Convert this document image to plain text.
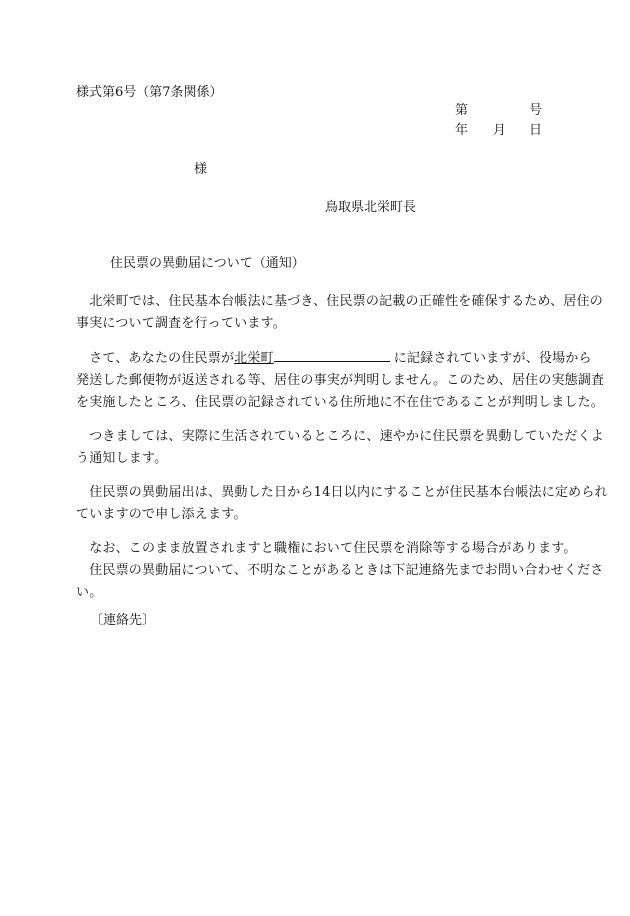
様式第6号（第7条関係）
第	号
年 月 日
様
鳥取県北栄町長
住民票の異動届について（通知）
　北栄町では、住民基本台帳法に基づき、住民票の記載の正確性を確保するため、居住の
事実について調査を行っています。
　さて、あなたの住民票が北栄町	に記録されていますが、役場から
発送した郵便物が返送される等、居住の事実が判明しません。このため、居住の実態調査
を実施したところ、住民票の記録されている住所地に不在住であることが判明しました。
　つきましては、実際に生活されているところに、速やかに住民票を異動していただくよ
う通知します。
　住民票の異動届出は、異動した日から14日以内にすることが住民基本台帳法に定められ
ていますので申し添えます。
　なお、このまま放置されますと職権において住民票を消除等する場合があります。
　住民票の異動届について、不明なことがあるときは下記連絡先までお問い合わせくださ
い。
〔連絡先〕
